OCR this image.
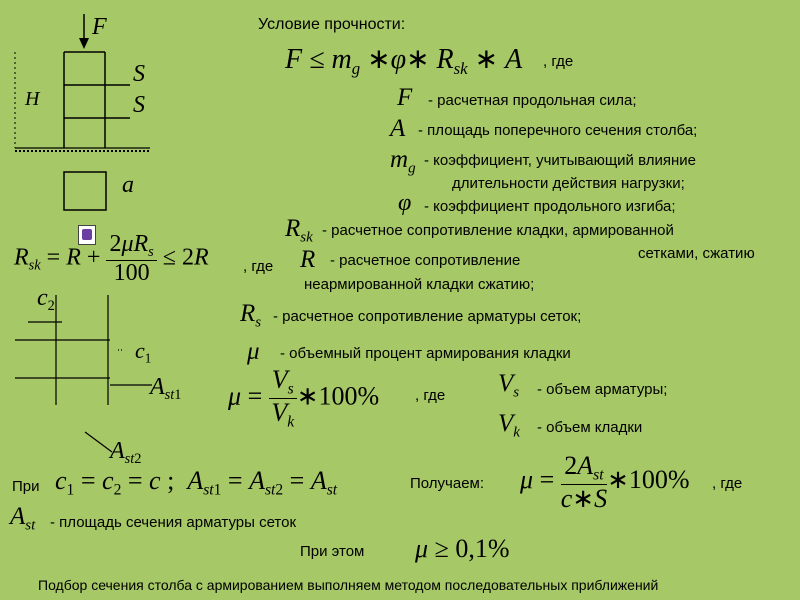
F
S
S
H
a
Условие прочности:
$F \le m_g$ ∗φ∗ $R_{sk}$ ∗ A , где
F - расчетная продольная сила;
A - площадь поперечного сечения столба;
$m_g$ - коэффициент, учитывающий влияние
длительности действия нагрузки;
φ - коэффициент продольного изгиба;
$R_{sk}$ - расчетное сопротивление кладки, армированной
сетками, сжатию
$R_{sk} = R + \frac{2\mu R_s}{100} \le 2R$ , где R - расчетное сопротивление
неармированной кладки сжатию;
$c_2$
$c_1$
$A_{st1}$
$A_{st2}$
$R_s$ - расчетное сопротивление арматуры сеток;
μ - объемный процент армирования кладки
$\mu = \frac{V_s}{V_k}$ ∗100% , где $V_s$ - объем арматуры;
$V_k$ - объем кладки
При $c_1 = c_2 = c$ ;  $A_{st1} = A_{st2} = A_{st}$	Получаем: $\mu = \frac{2A_{st}}{c∗S}$ ∗100% , где
$A_{st}$ - площадь сечения арматуры сеток
При этом μ ≥ 0,1%
Подбор сечения столба с армированием выполняем методом последовательных приближений
